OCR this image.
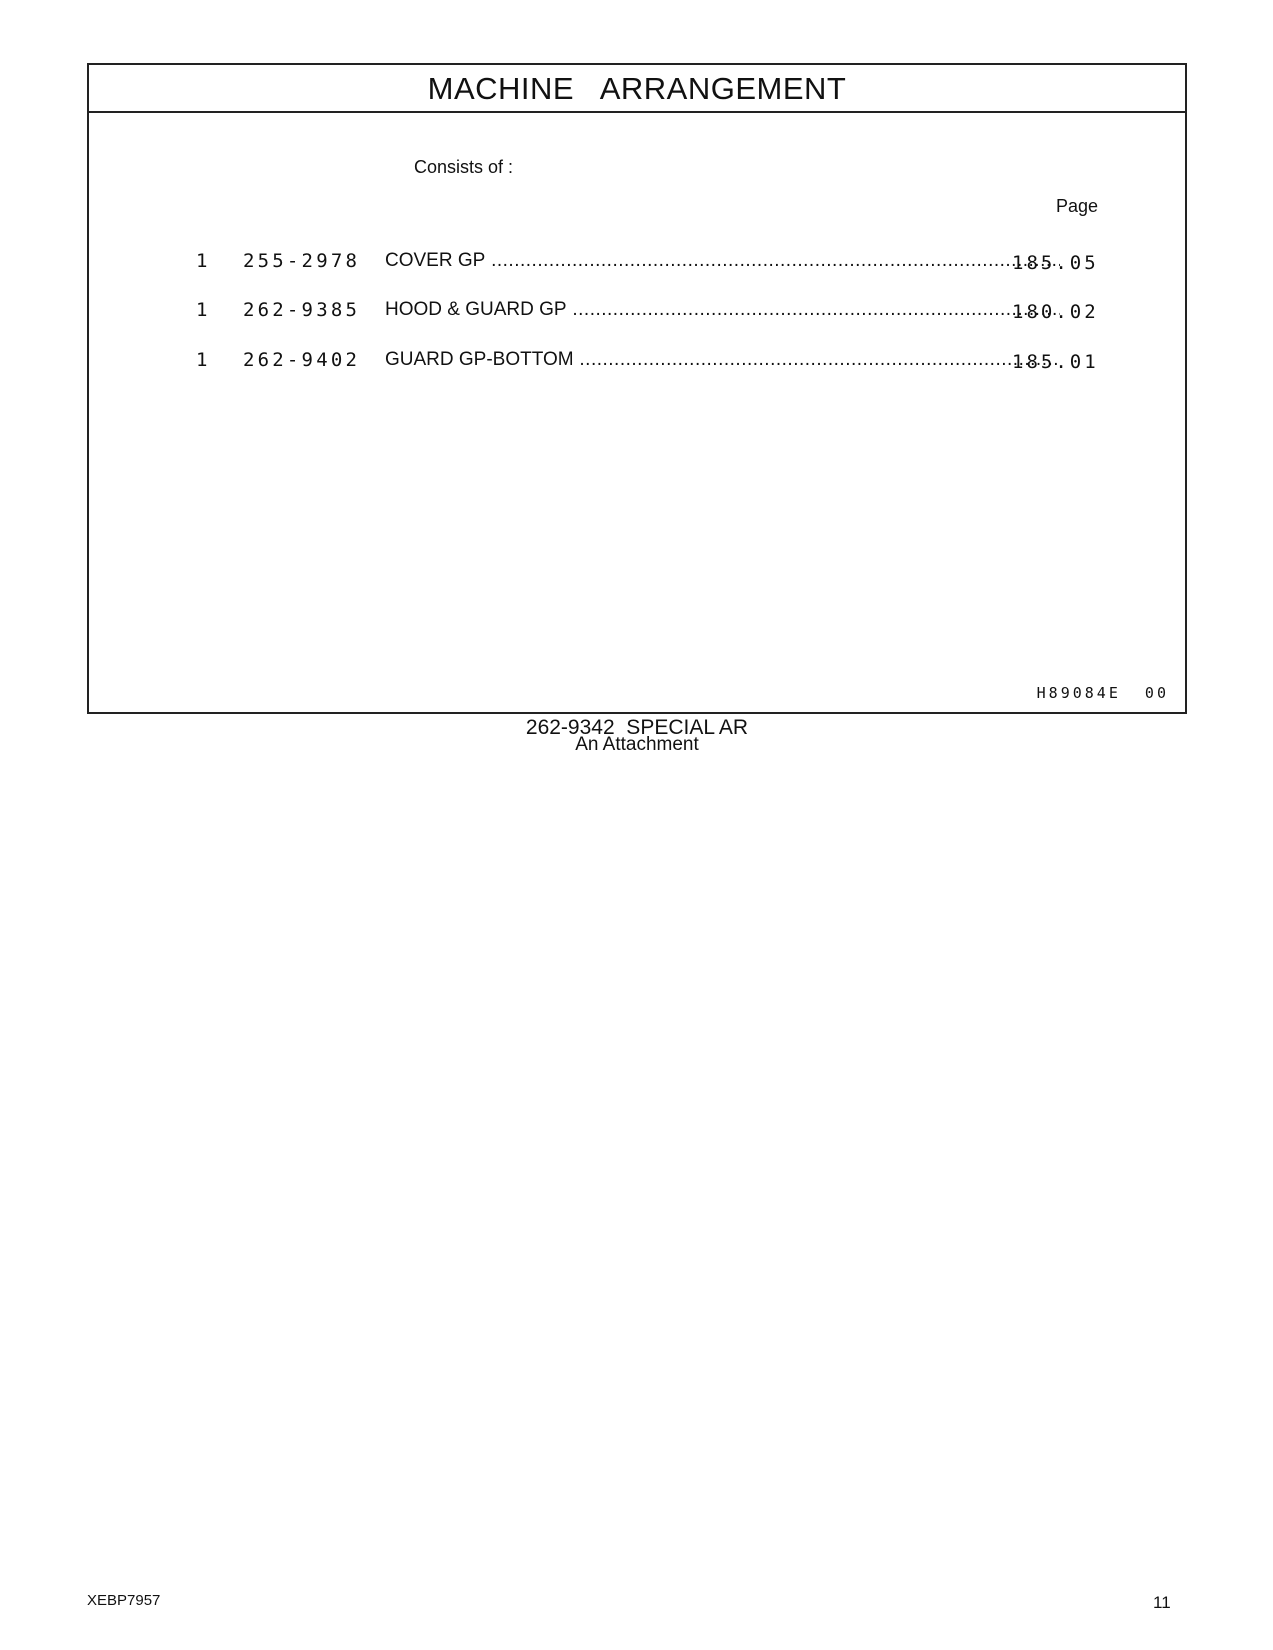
MACHINE   ARRANGEMENT
Consists of :
Page
1 255-2978 COVER GP .....	185.05
1 262-9385 HOOD & GUARD GP .....	180.02
1 262-9402 GUARD GP-BOTTOM .....	185.01
H89084E  00
262-9342  SPECIAL AR
An Attachment
XEBP7957	11
